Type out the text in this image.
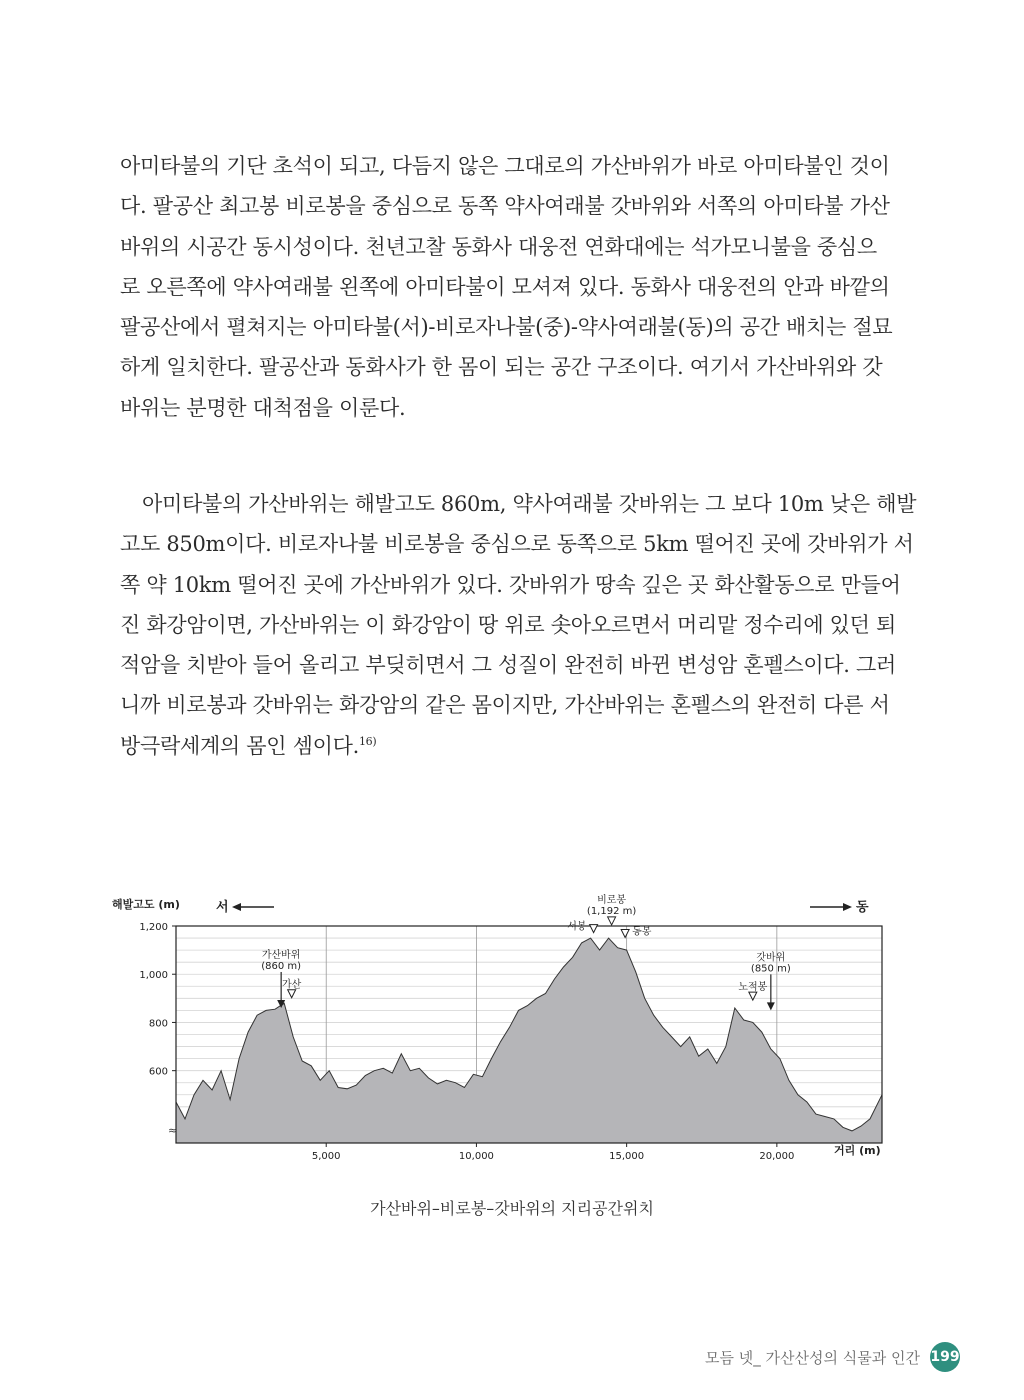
아미타불의 기단 초석이 되고, 다듬지 않은 그대로의 가산바위가 바로 아미타불인 것이
다. 팔공산 최고봉 비로봉을 중심으로 동쪽 약사여래불 갓바위와 서쪽의 아미타불 가산
바위의 시공간 동시성이다. 천년고찰 동화사 대웅전 연화대에는 석가모니불을 중심으
로 오른쪽에 약사여래불 왼쪽에 아미타불이 모셔져 있다. 동화사 대웅전의 안과 바깥의
팔공산에서 펼쳐지는 아미타불(서)-비로자나불(중)-약사여래불(동)의 공간 배치는 절묘
하게 일치한다. 팔공산과 동화사가 한 몸이 되는 공간 구조이다. 여기서 가산바위와 갓
바위는 분명한 대척점을 이룬다.
아미타불의 가산바위는 해발고도 860m, 약사여래불 갓바위는 그 보다 10m 낮은 해발
고도 850m이다. 비로자나불 비로봉을 중심으로 동쪽으로 5km 떨어진 곳에 갓바위가 서
쪽 약 10km 떨어진 곳에 가산바위가 있다. 갓바위가 땅속 깊은 곳 화산활동으로 만들어
진 화강암이면, 가산바위는 이 화강암이 땅 위로 솟아오르면서 머리맡 정수리에 있던 퇴
적암을 치받아 들어 올리고 부딪히면서 그 성질이 완전히 바뀐 변성암 혼펠스이다. 그러
니까 비로봉과 갓바위는 화강암의 같은 몸이지만, 가산바위는 혼펠스의 완전히 다른 서
방극락세계의 몸인 셈이다.$^{16)}$
600
800
1,000
1,200
5,000	10,000	15,000	20,000
(860 m)
가산바위
가산
서봉
(1,192 m)
비로봉
동봉
노적봉
(850 m)
갓바위
해발고도 (m)
거리 (m)
서	동
≈
가산바위–비로봉–갓바위의 지리공간위치
모듬 넷_ 가산산성의 식물과 인간 199
